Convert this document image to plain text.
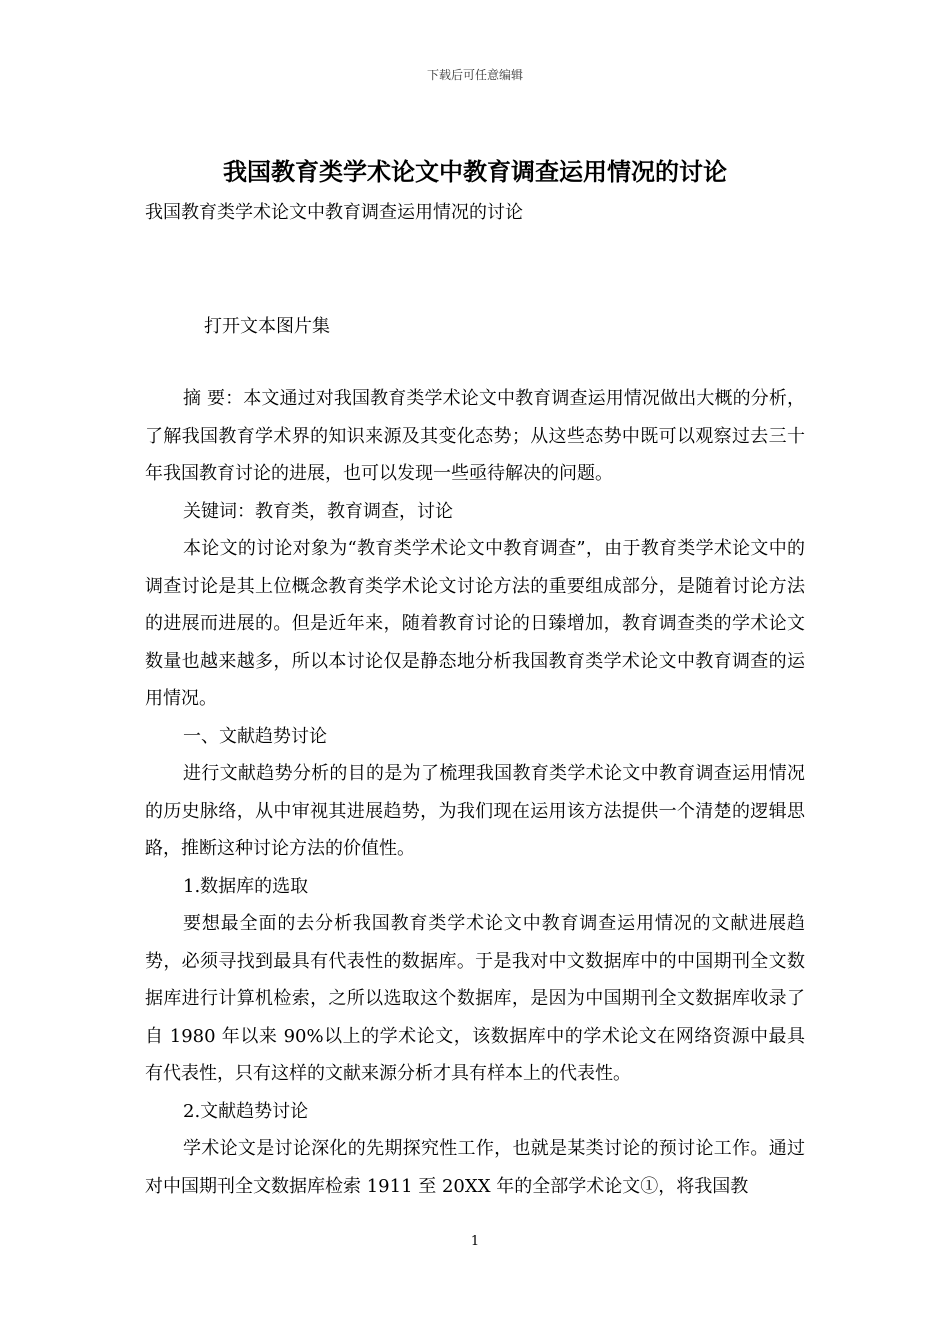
下载后可任意编辑
我国教育类学术论文中教育调查运用情况的讨论
我国教育类学术论文中教育调查运用情况的讨论
打开文本图片集

摘 要：本文通过对我国教育类学术论文中教育调查运用情况做出大概的分析，了解我国教育学术界的知识来源及其变化态势；从这些态势中既可以观察过去三十年我国教育讨论的进展，也可以发现一些亟待解决的问题。

关键词：教育类，教育调查，讨论

本论文的讨论对象为“教育类学术论文中教育调查”，由于教育类学术论文中的调查讨论是其上位概念教育类学术论文讨论方法的重要组成部分，是随着讨论方法的进展而进展的。但是近年来，随着教育讨论的日臻增加，教育调查类的学术论文数量也越来越多，所以本讨论仅是静态地分析我国教育类学术论文中教育调查的运用情况。

一、文献趋势讨论

进行文献趋势分析的目的是为了梳理我国教育类学术论文中教育调查运用情况的历史脉络，从中审视其进展趋势，为我们现在运用该方法提供一个清楚的逻辑思路，推断这种讨论方法的价值性。

1.数据库的选取

要想最全面的去分析我国教育类学术论文中教育调查运用情况的文献进展趋势，必须寻找到最具有代表性的数据库。于是我对中文数据库中的中国期刊全文数据库进行计算机检索，之所以选取这个数据库，是因为中国期刊全文数据库收录了自 1980 年以来 90%以上的学术论文，该数据库中的学术论文在网络资源中最具有代表性，只有这样的文献来源分析才具有样本上的代表性。

2.文献趋势讨论

学术论文是讨论深化的先期探究性工作，也就是某类讨论的预讨论工作。通过对中国期刊全文数据库检索 1911 至 20XX 年的全部学术论文①，将我国教

1
